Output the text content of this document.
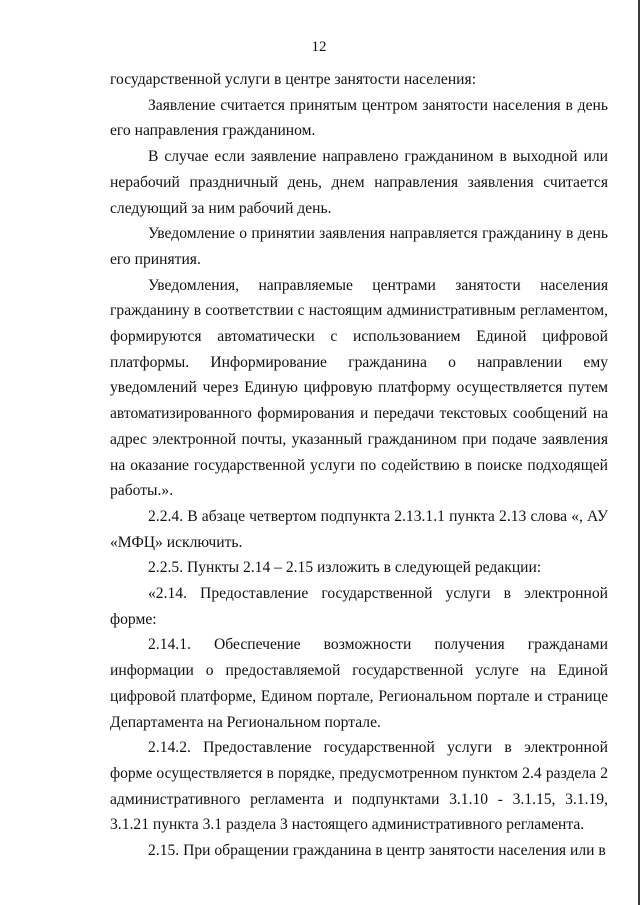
12

государственной услуги в центре занятости населения:

Заявление считается принятым центром занятости населения в день его направления гражданином.

В случае если заявление направлено гражданином в выходной или нерабочий праздничный день, днем направления заявления считается следующий за ним рабочий день.

Уведомление о принятии заявления направляется гражданину в день его принятия.

Уведомления, направляемые центрами занятости населения гражданину в соответствии с настоящим административным регламентом, формируются автоматически с использованием Единой цифровой платформы. Информирование гражданина о направлении ему уведомлений через Единую цифровую платформу осуществляется путем автоматизированного формирования и передачи текстовых сообщений на адрес электронной почты, указанный гражданином при подаче заявления на оказание государственной услуги по содействию в поиске подходящей работы.».

2.2.4. В абзаце четвертом подпункта 2.13.1.1 пункта 2.13 слова «, АУ «МФЦ» исключить.

2.2.5. Пункты 2.14 – 2.15 изложить в следующей редакции:

«2.14. Предоставление государственной услуги в электронной форме:

2.14.1. Обеспечение возможности получения гражданами информации о предоставляемой государственной услуге на Единой цифровой платформе, Едином портале, Региональном портале и странице Департамента на Региональном портале.

2.14.2. Предоставление государственной услуги в электронной форме осуществляется в порядке, предусмотренном пунктом 2.4 раздела 2 административного регламента и подпунктами 3.1.10 - 3.1.15, 3.1.19, 3.1.21 пункта 3.1 раздела 3 настоящего административного регламента.

2.15. При обращении гражданина в центр занятости населения или в
